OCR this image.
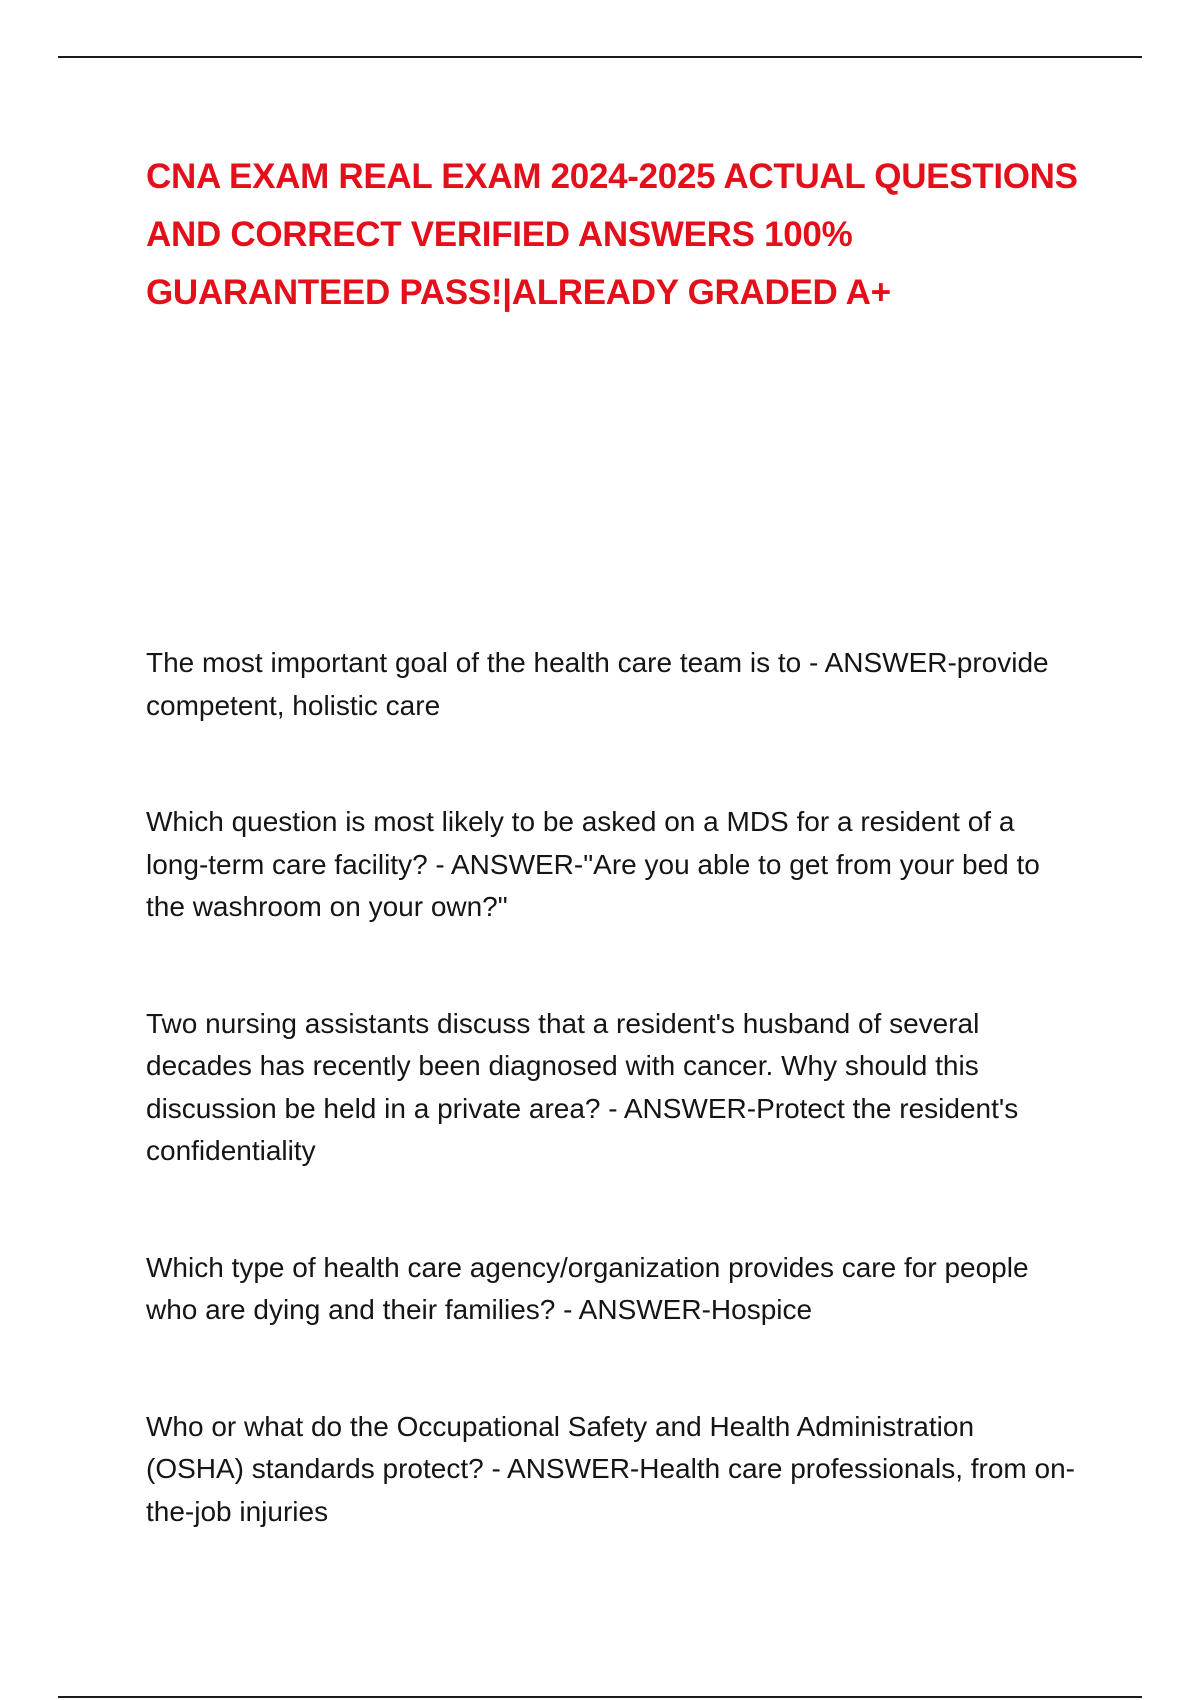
CNA EXAM REAL EXAM 2024-2025 ACTUAL QUESTIONS AND CORRECT VERIFIED ANSWERS 100% GUARANTEED PASS!|ALREADY GRADED A+

The most important goal of the health care team is to - ANSWER-provide competent, holistic care

Which question is most likely to be asked on a MDS for a resident of a long-term care facility? - ANSWER-"Are you able to get from your bed to the washroom on your own?"

Two nursing assistants discuss that a resident's husband of several decades has recently been diagnosed with cancer. Why should this discussion be held in a private area? - ANSWER-Protect the resident's confidentiality

Which type of health care agency/organization provides care for people who are dying and their families? - ANSWER-Hospice

Who or what do the Occupational Safety and Health Administration (OSHA) standards protect? - ANSWER-Health care professionals, from on-the-job injuries
